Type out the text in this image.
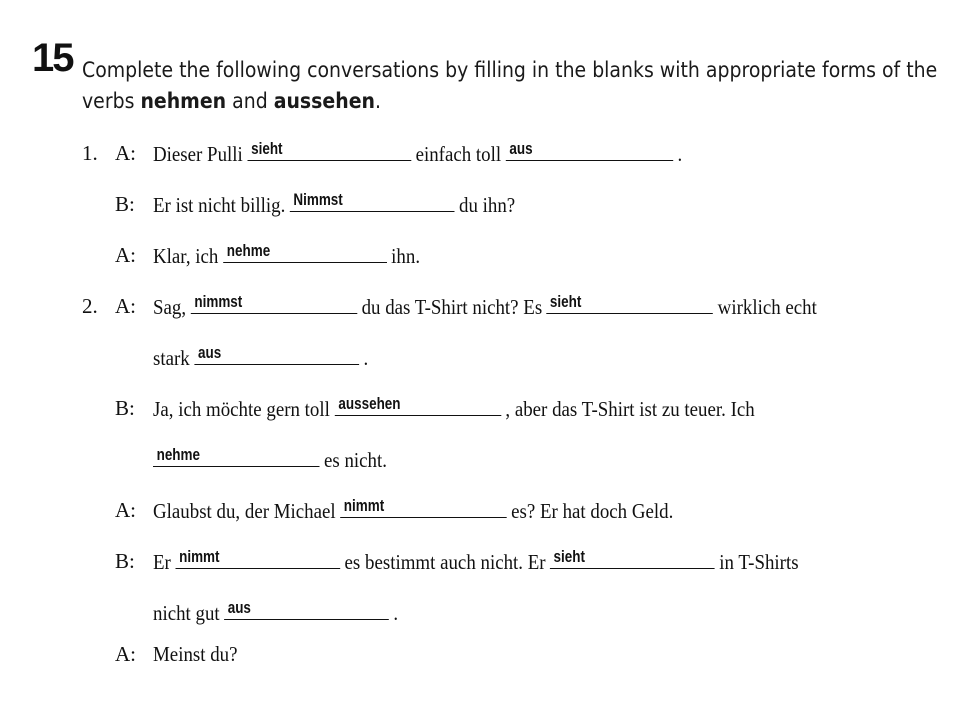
15 Complete the following conversations by filling in the blanks with appropriate forms of the
verbs nehmen and aussehen.
1. A: Dieser Pulli sieht	einfach toll aus	.
B: Er ist nicht billig. Nimmst	du ihn?
A: Klar, ich nehme	ihn.
2. A: Sag, nimmst	du das T-Shirt nicht? Es sieht	wirklich echt
stark aus	.
B: Ja, ich möchte gern toll aussehen	, aber das T-Shirt ist zu teuer. Ich
nehme	es nicht.
A: Glaubst du, der Michael nimmt	es? Er hat doch Geld.
B: Er nimmt	es bestimmt auch nicht. Er sieht	in T-Shirts
nicht gut aus	.
A: Meinst du?
